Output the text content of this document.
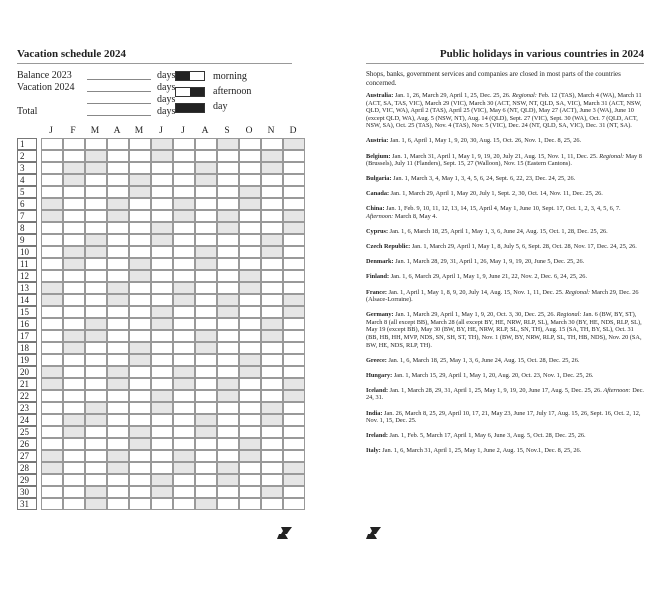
Vacation schedule 2024
Balance 2023	days
Vacation 2024	days
days
Total	days
morning
afternoon
day
J	F	M	A	M	J	J	A	S	O	N	D
1
2
3
4
5
6
7
8
9
10
11
12
13
14
15
16
17
18
19
20
21
22
23
24
25
26
27
28
29
30
31
Public holidays in various countries in 2024
Shops, banks, government services and companies are closed in most parts of the countries concerned.
Australia: Jan. 1, 26, March 29, April 1, 25, Dec. 25, 26. Regional: Feb. 12 (TAS), March 4 (WA), March 11 (ACT, SA, TAS, VIC), March 29 (VIC), March 30 (ACT, NSW, NT, QLD, SA, VIC), March 31 (ACT, NSW, QLD, VIC, WA), April 2 (TAS), April 25 (VIC), May 6 (NT, QLD), May 27 (ACT), June 3 (WA), June 10 (except QLD, WA), Aug. 5 (NSW, NT), Aug. 14 (QLD), Sept. 27 (VIC), Sept. 30 (WA), Oct. 7 (QLD, ACT, NSW, SA), Oct. 25 (TAS), Nov. 4 (TAS), Nov. 5 (VIC), Dec. 24 (NT, QLD, SA, VIC), Dec. 31 (NT, SA).
Austria: Jan. 1, 6, April 1, May 1, 9, 20, 30, Aug. 15, Oct. 26, Nov. 1, Dec. 8, 25, 26.
Belgium: Jan. 1, March 31, April 1, May 1, 9, 19, 20, July 21, Aug. 15, Nov. 1, 11, Dec. 25. Regional: May 8 (Brussels), July 11 (Flanders), Sept. 15, 27 (Walloon), Nov. 15 (Eastern Cantons).
Bulgaria: Jan. 1, March 3, 4, May 1, 3, 4, 5, 6, 24, Sept. 6, 22, 23, Dec. 24, 25, 26.
Canada: Jan. 1, March 29, April 1, May 20, July 1, Sept. 2, 30, Oct. 14, Nov. 11, Dec. 25, 26.
China: Jan. 1, Feb. 9, 10, 11, 12, 13, 14, 15, April 4, May 1, June 10, Sept. 17, Oct. 1, 2, 3, 4, 5, 6, 7. Afternoon: March 8, May 4.
Cyprus: Jan. 1, 6, March 18, 25, April 1, May 1, 3, 6, June 24, Aug. 15, Oct. 1, 28, Dec. 25, 26.
Czech Republic: Jan. 1, March 29, April 1, May 1, 8, July 5, 6, Sept. 28, Oct. 28, Nov. 17, Dec. 24, 25, 26.
Denmark: Jan. 1, March 28, 29, 31, April 1, 26, May 1, 9, 19, 20, June 5, Dec. 25, 26.
Finland: Jan. 1, 6, March 29, April 1, May 1, 9, June 21, 22, Nov. 2, Dec. 6, 24, 25, 26.
France: Jan. 1, April 1, May 1, 8, 9, 20, July 14, Aug. 15, Nov. 1, 11, Dec. 25. Regional: March 29, Dec. 26 (Alsace-Lorraine).
Germany: Jan. 1, March 29, April 1, May 1, 9, 20, Oct. 3, 30, Dec. 25, 26. Regional: Jan. 6 (BW, BY, ST), March 8 (all except BB), March 28 (all except BY, HE, NRW, RLP, SL), March 30 (BY, HE, NDS, RLP, SL), May 19 (except BB), May 30 (BW, BY, HE, NRW, RLP, SL, SN, TH), Aug. 15 (SA, TH, BY, SL), Oct. 31 (BB, HB, HH, MVP, NDS, SN, SH, ST, TH), Nov. 1 (BW, BY, NRW, RLP, SL, TH, HB, NDS), Nov. 20 (SA, BW, HE, NDS, RLP, TH).
Greece: Jan. 1, 6, March 18, 25, May 1, 3, 6, June 24, Aug. 15, Oct. 28, Dec. 25, 26.
Hungary: Jan. 1, March 15, 29, April 1, May 1, 20, Aug. 20, Oct. 23, Nov. 1, Dec. 25, 26.
Iceland: Jan. 1, March 28, 29, 31, April 1, 25, May 1, 9, 19, 20, June 17, Aug. 5, Dec. 25, 26. Afternoon: Dec. 24, 31.
India: Jan. 26, March 8, 25, 29, April 10, 17, 21, May 23, June 17, July 17, Aug. 15, 26, Sept. 16, Oct. 2, 12, Nov. 1, 15, Dec. 25.
Ireland: Jan. 1, Feb. 5, March 17, April 1, May 6, June 3, Aug. 5, Oct. 28, Dec. 25, 26.
Italy: Jan. 1, 6, March 31, April 1, 25, May 1, June 2, Aug. 15, Nov.1, Dec. 8, 25, 26.
